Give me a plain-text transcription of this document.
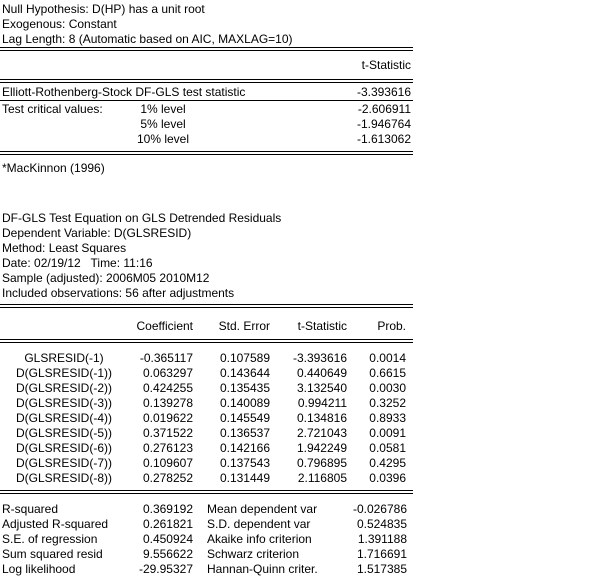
Null Hypothesis: D(HP) has a unit root
Exogenous: Constant
Lag Length: 8 (Automatic based on AIC, MAXLAG=10)
t-Statistic
Elliott-Rothenberg-Stock DF-GLS test statistic	-3.393616
Test critical values:	1% level	-2.606911
5% level	-1.946764
10% level	-1.613062
*MacKinnon (1996)
DF-GLS Test Equation on GLS Detrended Residuals
Dependent Variable: D(GLSRESID)
Method: Least Squares
Date: 02/19/12   Time: 11:16
Sample (adjusted): 2006M05 2010M12
Included observations: 56 after adjustments
Coefficient	Std. Error	t-Statistic	Prob.
GLSRESID(-1)	-0.365117	0.107589	-3.393616	0.0014
D(GLSRESID(-1))	0.063297	0.143644	0.440649	0.6615
D(GLSRESID(-2))	0.424255	0.135435	3.132540	0.0030
D(GLSRESID(-3))	0.139278	0.140089	0.994211	0.3252
D(GLSRESID(-4))	0.019622	0.145549	0.134816	0.8933
D(GLSRESID(-5))	0.371522	0.136537	2.721043	0.0091
D(GLSRESID(-6))	0.276123	0.142166	1.942249	0.0581
D(GLSRESID(-7))	0.109607	0.137543	0.796895	0.4295
D(GLSRESID(-8))	0.278252	0.131449	2.116805	0.0396
R-squared	0.369192 Mean dependent var	-0.026786
Adjusted R-squared	0.261821 S.D. dependent var	0.524835
S.E. of regression	0.450924 Akaike info criterion	1.391188
Sum squared resid	9.556622 Schwarz criterion	1.716691
Log likelihood	-29.95327 Hannan-Quinn criter.	1.517385
